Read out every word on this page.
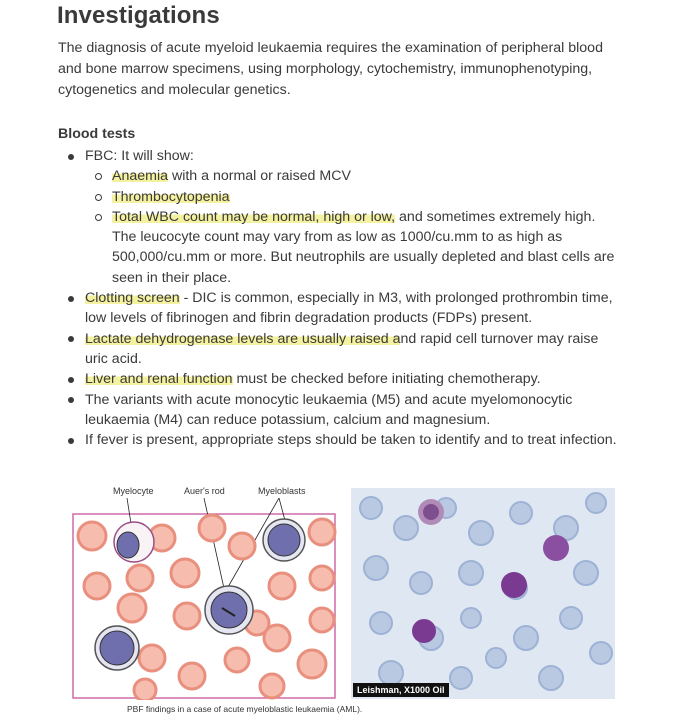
Investigations

The diagnosis of acute myeloid leukaemia requires the examination of peripheral blood and bone marrow specimens, using morphology, cytochemistry, immunophenotyping, cytogenetics and molecular genetics.

Blood tests

FBC: It will show:
Anaemia with a normal or raised MCV
Thrombocytopenia
Total WBC count may be normal, high or low, and sometimes extremely high. The leucocyte count may vary from as low as 1000/cu.mm to as high as 500,000/cu.mm or more. But neutrophils are usually depleted and blast cells are seen in their place.
Clotting screen - DIC is common, especially in M3, with prolonged prothrombin time, low levels of fibrinogen and fibrin degradation products (FDPs) present.
Lactate dehydrogenase levels are usually raised and rapid cell turnover may raise uric acid.
Liver and renal function must be checked before initiating chemotherapy.
The variants with acute monocytic leukaemia (M5) and acute myelomonocytic leukaemia (M4) can reduce potassium, calcium and magnesium.
If fever is present, appropriate steps should be taken to identify and to treat infection.
Myelocyte	Auer's rod	Myeloblasts
Leishman, X1000 Oil
PBF findings in a case of acute myeloblastic leukaemia (AML).
